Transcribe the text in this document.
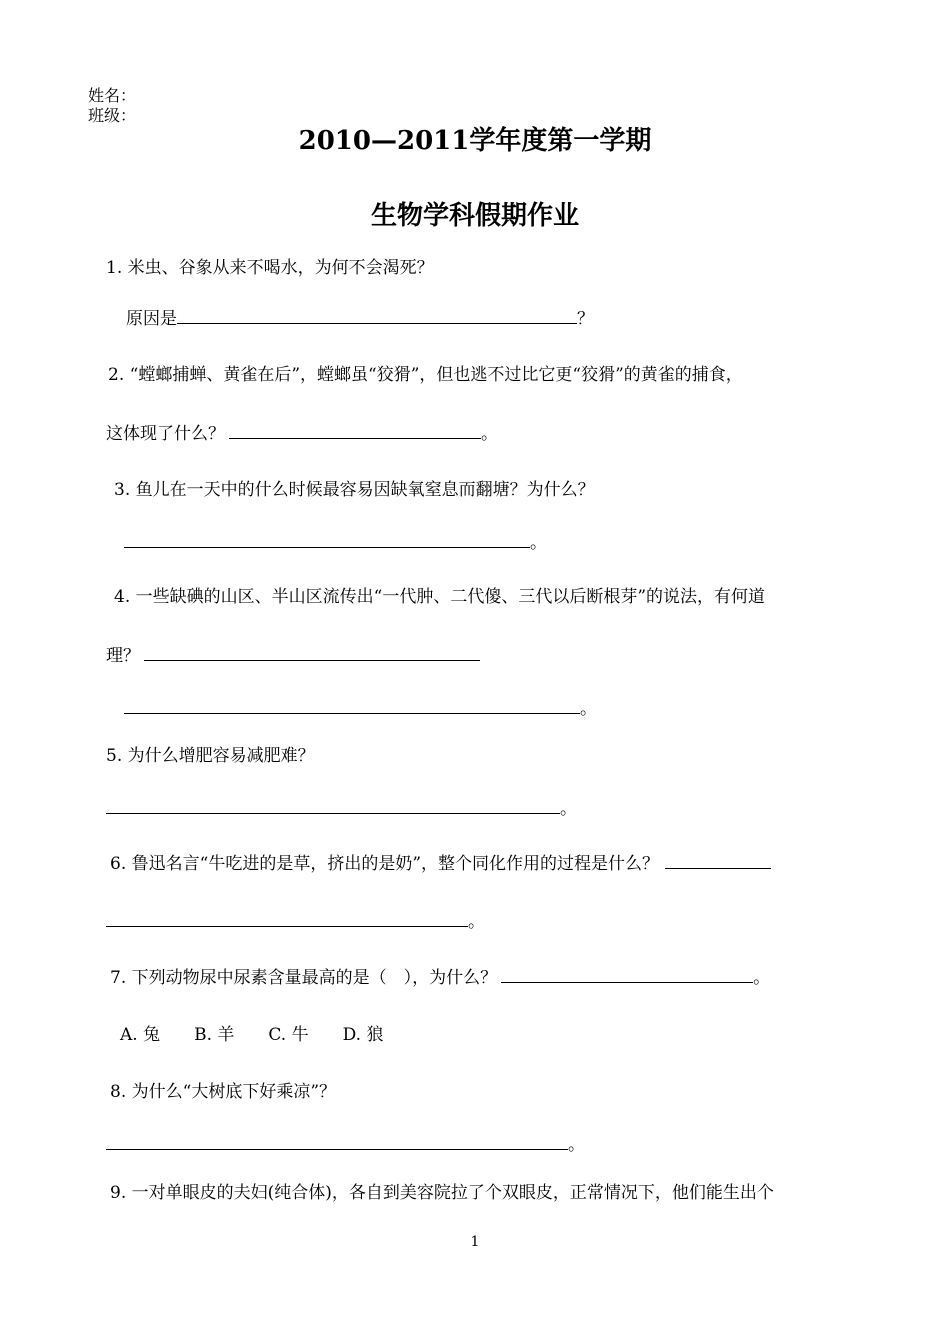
姓名：
班级：
2010—2011学年度第一学期
生物学科假期作业
1. 米虫、谷象从来不喝水，为何不会渴死？
原因是	？
2. “螳螂捕蝉、黄雀在后”，螳螂虽“狡猾”，但也逃不过比它更“狡猾”的黄雀的捕食，
这体现了什么？	。
3. 鱼儿在一天中的什么时候最容易因缺氧窒息而翻塘？为什么？
。
4. 一些缺碘的山区、半山区流传出“一代肿、二代傻、三代以后断根芽”的说法，有何道
理？
。
5. 为什么增肥容易减肥难？
。
6. 鲁迅名言“牛吃进的是草，挤出的是奶”，整个同化作用的过程是什么？
。
7. 下列动物尿中尿素含量最高的是（　），为什么？	。
A. 兔 B. 羊 C. 牛 D. 狼
8. 为什么“大树底下好乘凉”？
。
9. 一对单眼皮的夫妇(纯合体)，各自到美容院拉了个双眼皮，正常情况下，他们能生出个
1
